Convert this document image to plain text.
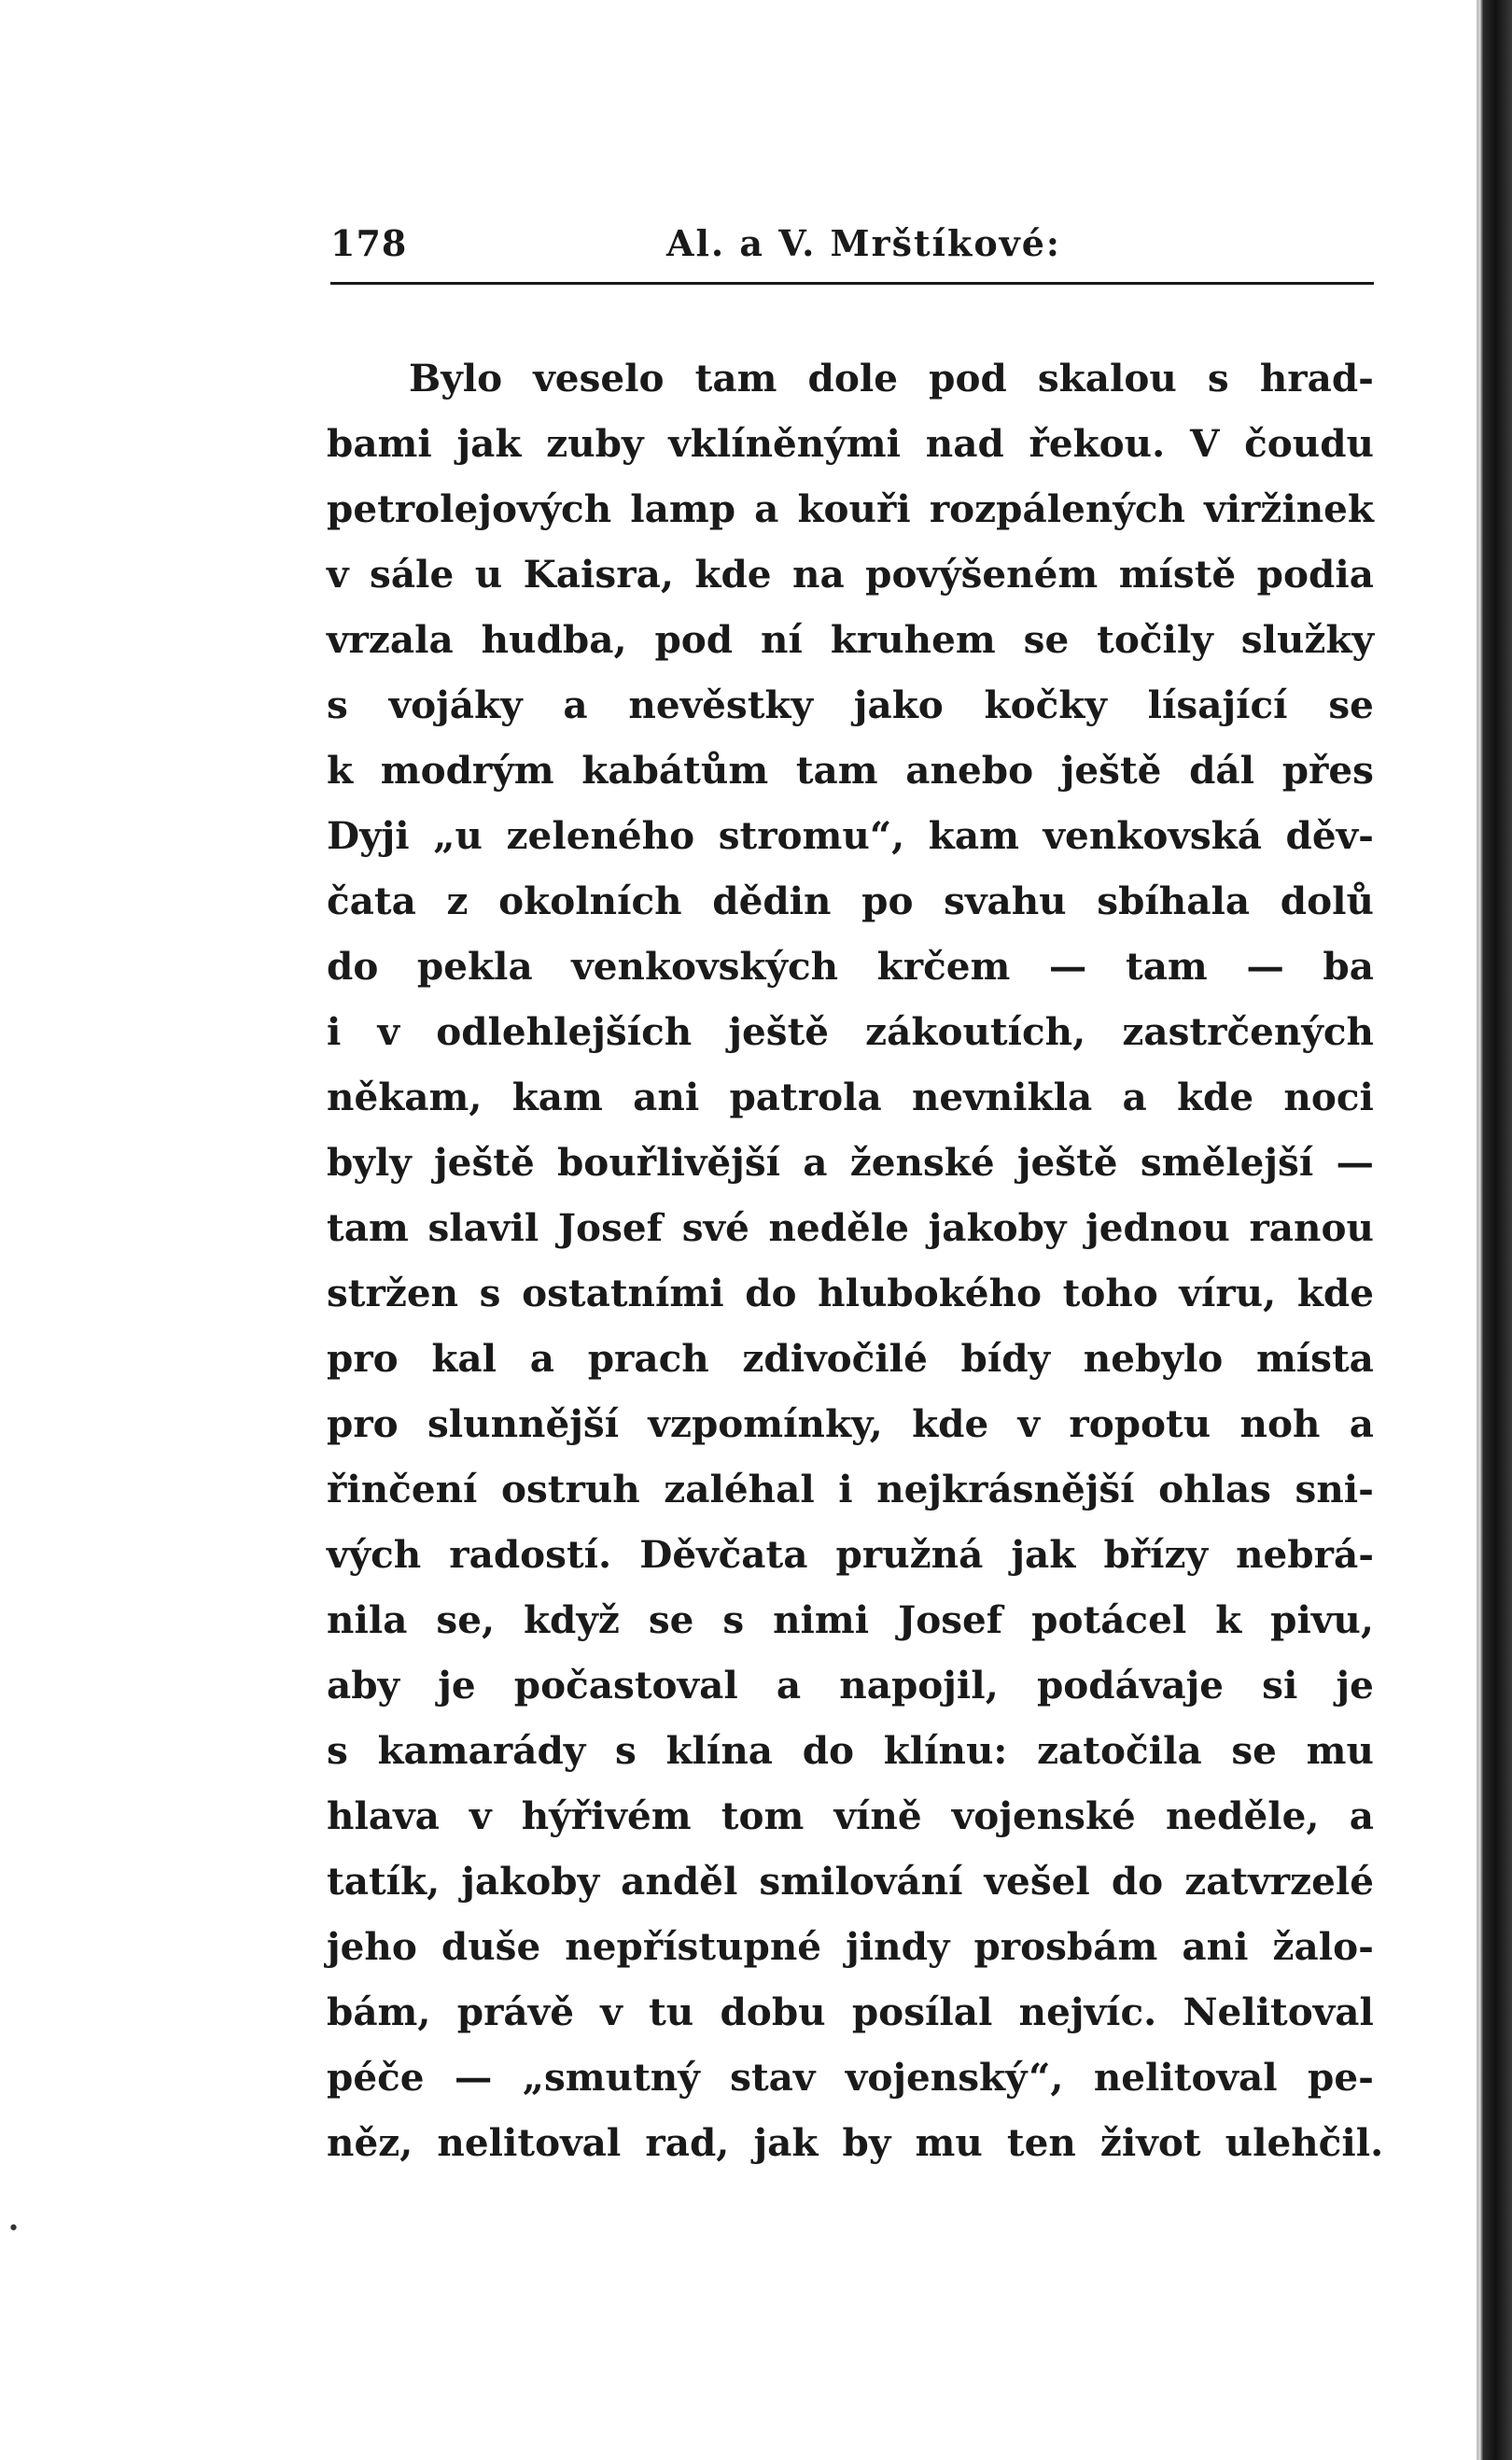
178	Al. a V. Mrštíkové:
Bylo veselo tam dole pod skalou s hrad-
bami jak zuby vklíněnými nad řekou. V čoudu
petrolejových lamp a kouři rozpálených viržinek
v sále u Kaisra, kde na povýšeném místě podia
vrzala hudba, pod ní kruhem se točily služky
s vojáky a nevěstky jako kočky lísající se
k modrým kabátům tam anebo ještě dál přes
Dyji „u zeleného stromu“, kam venkovská děv-
čata z okolních dědin po svahu sbíhala dolů
do pekla venkovských krčem — tam — ba
i v odlehlejších ještě zákoutích, zastrčených
někam, kam ani patrola nevnikla a kde noci
byly ještě bouřlivější a ženské ještě smělejší —
tam slavil Josef své neděle jakoby jednou ranou
stržen s ostatními do hlubokého toho víru, kde
pro kal a prach zdivočilé bídy nebylo místa
pro slunnější vzpomínky, kde v ropotu noh a
řinčení ostruh zaléhal i nejkrásnější ohlas sni-
vých radostí. Děvčata pružná jak břízy nebrá-
nila se, když se s nimi Josef potácel k pivu,
aby je počastoval a napojil, podávaje si je
s kamarády s klína do klínu: zatočila se mu
hlava v hýřivém tom víně vojenské neděle, a
tatík, jakoby anděl smilování vešel do zatvrzelé
jeho duše nepřístupné jindy prosbám ani žalo-
bám, právě v tu dobu posílal nejvíc. Nelitoval
péče — „smutný stav vojenský“, nelitoval pe-
něz, nelitoval rad, jak by mu ten život ulehčil.
•
